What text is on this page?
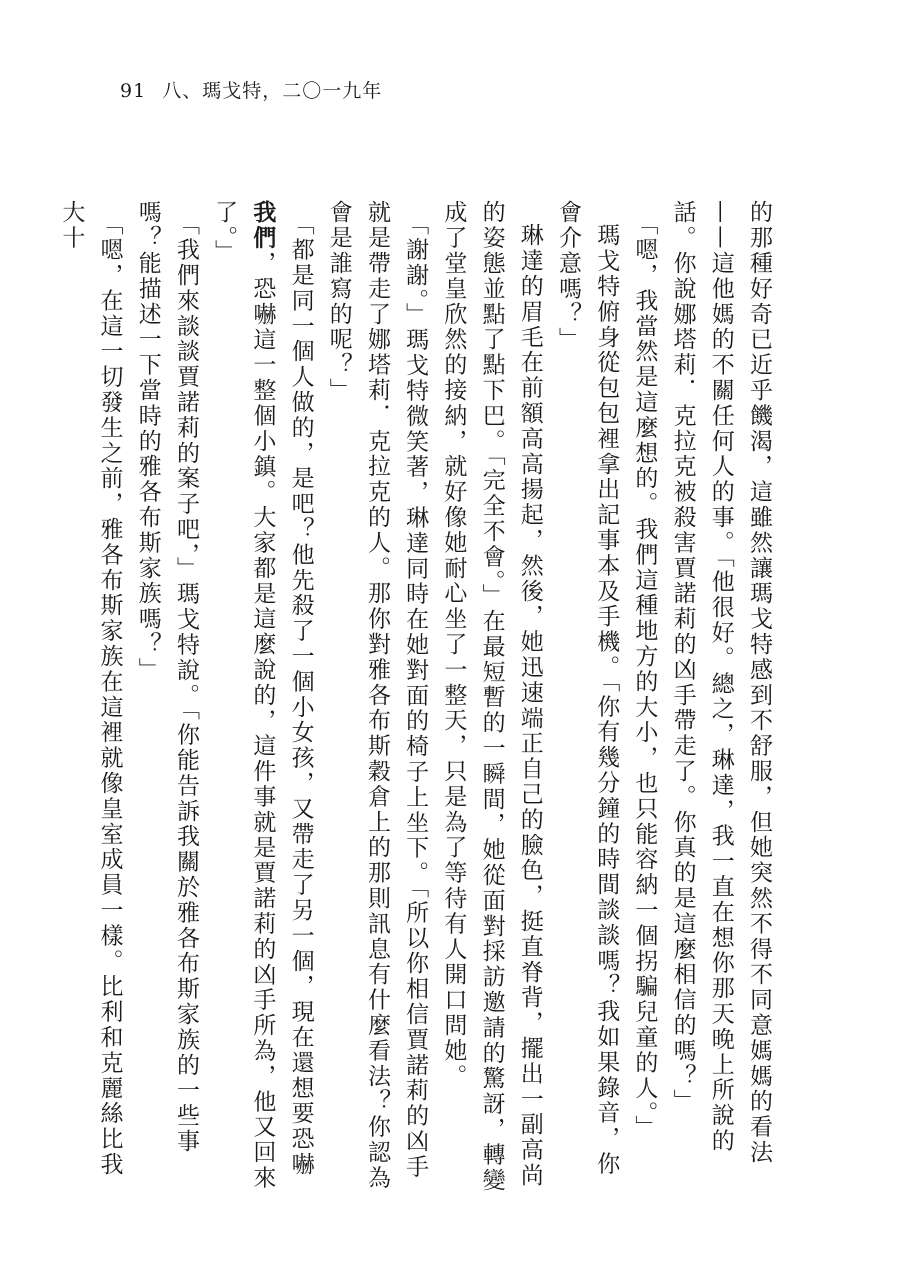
91 八、瑪戈特，二〇一九年

的那種好奇已近乎饑渴，這雖然讓瑪戈特感到不舒服，但她突然不得不同意媽媽的看法——這他媽的不關任何人的事。「他很好。總之，琳達，我一直在想你那天晚上所說的話。你說娜塔莉．克拉克被殺害賈諾莉的凶手帶走了。你真的是這麼相信的嗎？」

「嗯，我當然是這麼想的。我們這種地方的大小，也只能容納一個拐騙兒童的人。」

瑪戈特俯身從包包裡拿出記事本及手機。「你有幾分鐘的時間談談嗎？我如果錄音，你會介意嗎？」

琳達的眉毛在前額高高揚起，然後，她迅速端正自己的臉色，挺直脊背，擺出一副高尚的姿態並點了點下巴。「完全不會。」在最短暫的一瞬間，她從面對採訪邀請的驚訝，轉變成了堂皇欣然的接納，就好像她耐心坐了一整天，只是為了等待有人開口問她。

「謝謝。」瑪戈特微笑著，琳達同時在她對面的椅子上坐下。「所以你相信賈諾莉的凶手就是帶走了娜塔莉．克拉克的人。那你對雅各布斯穀倉上的那則訊息有什麼看法？你認為會是誰寫的呢？」

「都是同一個人做的，是吧？他先殺了一個小女孩，又帶走了另一個，現在還想要恐嚇我們，恐嚇這一整個小鎮。大家都是這麼說的，這件事就是賈諾莉的凶手所為，他又回來了。」

「我們來談談賈諾莉的案子吧，」瑪戈特說。「你能告訴我關於雅各布斯家族的一些事嗎？能描述一下當時的雅各布斯家族嗎？」

「嗯，在這一切發生之前，雅各布斯家族在這裡就像皇室成員一樣。比利和克麗絲比我大十
